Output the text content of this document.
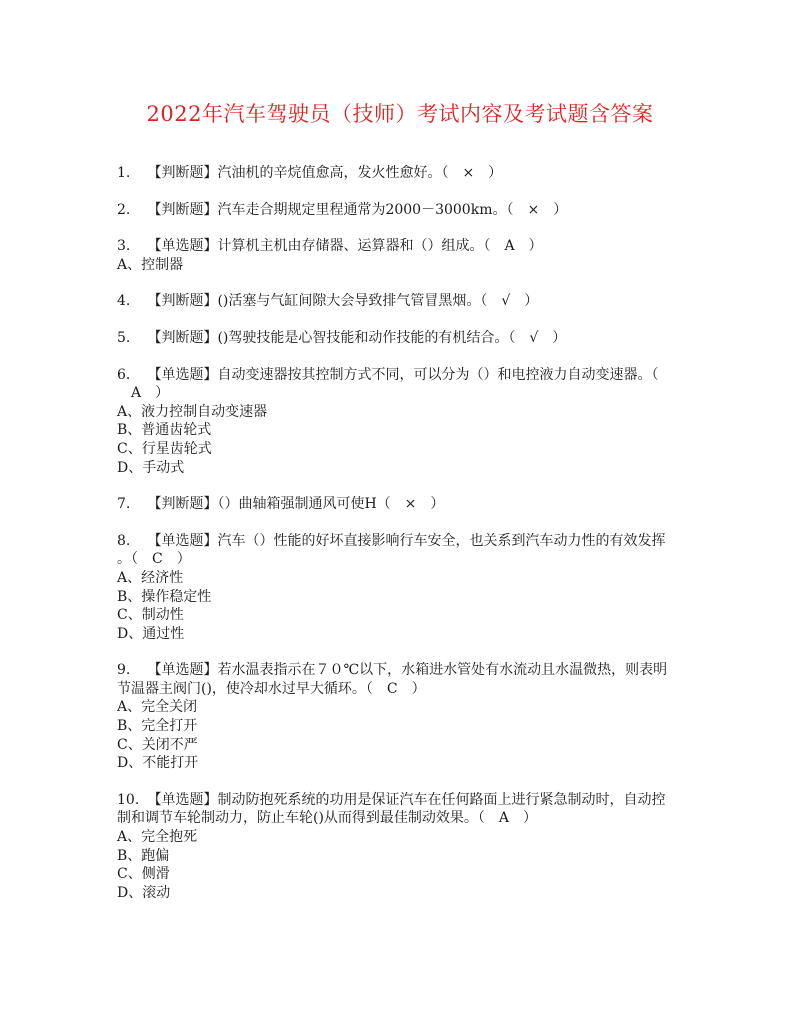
2022年汽车驾驶员（技师）考试内容及考试题含答案
1. 【判断题】汽油机的辛烷值愈高，发火性愈好。（　×　）
2. 【判断题】汽车走合期规定里程通常为2000－3000km。（　×　）
3. 【单选题】计算机主机由存储器、运算器和（）组成。（　A　）
A、控制器
4. 【判断题】()活塞与气缸间隙大会导致排气管冒黑烟。（　√　）
5. 【判断题】()驾驶技能是心智技能和动作技能的有机结合。（　√　）
6. 【单选题】自动变速器按其控制方式不同，可以分为（）和电控液力自动变速器。（
　A　）
A、液力控制自动变速器
B、普通齿轮式
C、行星齿轮式
D、手动式
7. 【判断题】（）曲轴箱强制通风可使H（　×　）
8. 【单选题】汽车（）性能的好坏直接影响行车安全，也关系到汽车动力性的有效发挥
。（　C　）
A、经济性
B、操作稳定性
C、制动性
D、通过性
9. 【单选题】若水温表指示在７０℃以下，水箱进水管处有水流动且水温微热，则表明
节温器主阀门()，使冷却水过早大循环。（　C　）
A、完全关闭
B、完全打开
C、关闭不严
D、不能打开
10. 【单选题】制动防抱死系统的功用是保证汽车在任何路面上进行紧急制动时，自动控
制和调节车轮制动力，防止车轮()从而得到最佳制动效果。（　A　）
A、完全抱死
B、跑偏
C、侧滑
D、滚动
